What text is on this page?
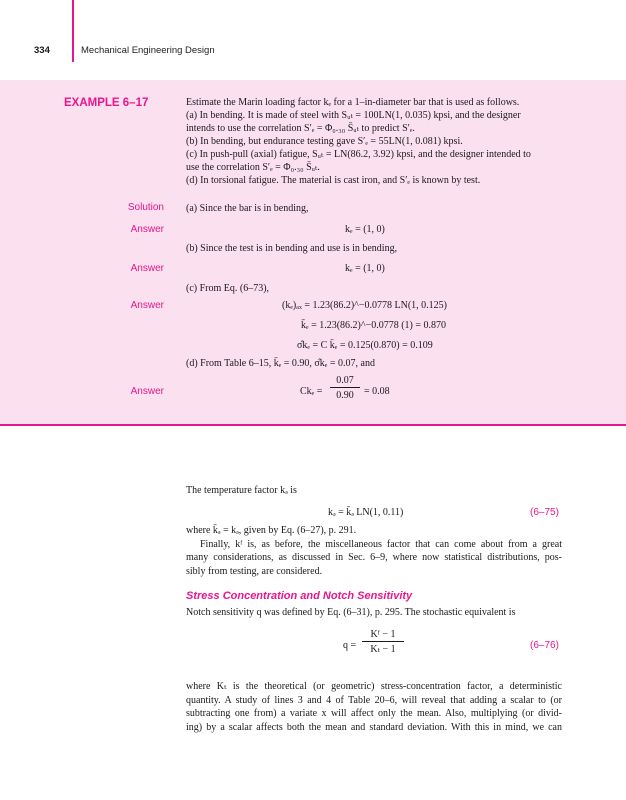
334	Mechanical Engineering Design
EXAMPLE 6–17	Estimate the Marin loading factor kₑ for a 1–in-diameter bar that is used as follows.
(a) In bending. It is made of steel with Sᵤₜ = 100LN(1, 0.035) kpsi, and the designer
intends to use the correlation S′ₑ = Φ₀.₃₀ S̄ᵤₜ to predict S′ₑ.
(b) In bending, but endurance testing gave S′ₑ = 55LN(1, 0.081) kpsi.
(c) In push-pull (axial) fatigue, Sᵤₜ = LN(86.2, 3.92) kpsi, and the designer intended to
use the correlation S′ₑ = Φ₀.₃₀ S̄ᵤₜ.
(d) In torsional fatigue. The material is cast iron, and S′ₑ is known by test.
Solution (a) Since the bar is in bending,
Answer	kₑ = (1, 0)
(b) Since the test is in bending and use is in bending,
Answer	kₑ = (1, 0)
(c) From Eq. (6–73),
Answer	(kₑ)ₐₓ = 1.23(86.2)^−0.0778 LN(1, 0.125)
k̄ₑ = 1.23(86.2)^−0.0778 (1) = 0.870
σ̂kₑ = C k̄ₑ = 0.125(0.870) = 0.109
(d) From Table 6–15, k̄ₑ = 0.90, σ̂kₑ = 0.07, and
Answer	$Ck_e = \frac{0.07}{0.90} = 0.08$
The temperature factor kₔ is
kₔ = k̄ₔ LN(1, 0.11)	(6–75)
where k̄ₔ = kₔ, given by Eq. (6–27), p. 291.
Finally, kᶠ is, as before, the miscellaneous factor that can come about from a great
many considerations, as discussed in Sec. 6–9, where now statistical distributions, pos-
sibly from testing, are considered.
Stress Concentration and Notch Sensitivity
Notch sensitivity q was defined by Eq. (6–31), p. 295. The stochastic equivalent is
$q = \frac{\text{Kᶠ − 1}}{\text{Kₜ − 1}}$	(6–76)
where Kₜ is the theoretical (or geometric) stress-concentration factor, a deterministic
quantity. A study of lines 3 and 4 of Table 20–6, will reveal that adding a scalar to (or
subtracting one from) a variate x will affect only the mean. Also, multiplying (or divid-
ing) by a scalar affects both the mean and standard deviation. With this in mind, we can
